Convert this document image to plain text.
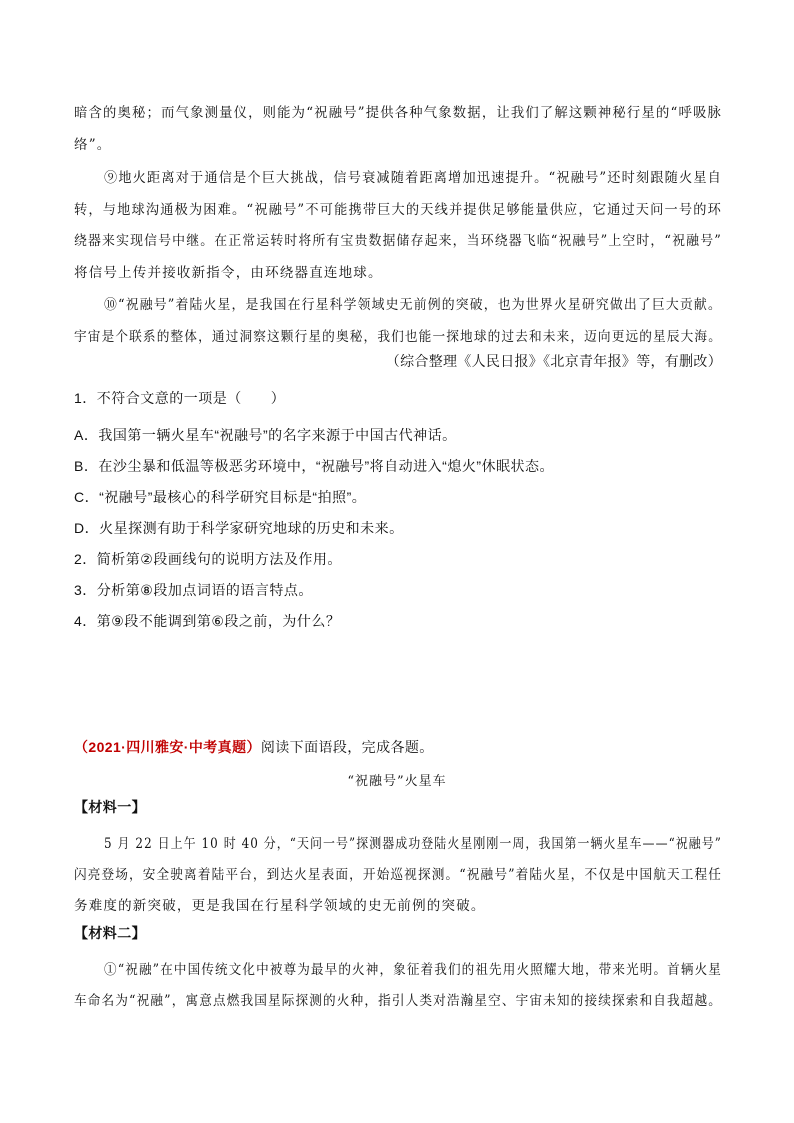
暗含的奥秘；而气象测量仪，则能为“祝融号”提供各种气象数据，让我们了解这颗神秘行星的“呼吸脉
络”。
⑨地火距离对于通信是个巨大挑战，信号衰减随着距离增加迅速提升。“祝融号”还时刻跟随火星自
转，与地球沟通极为困难。“祝融号”不可能携带巨大的天线并提供足够能量供应，它通过天问一号的环
绕器来实现信号中继。在正常运转时将所有宝贵数据储存起来，当环绕器飞临“祝融号”上空时，“祝融号”
将信号上传并接收新指令，由环绕器直连地球。
⑩“祝融号”着陆火星，是我国在行星科学领域史无前例的突破，也为世界火星研究做出了巨大贡献。
宇宙是个联系的整体，通过洞察这颗行星的奥秘，我们也能一探地球的过去和未来，迈向更远的星辰大海。
（综合整理《人民日报》《北京青年报》等，有删改）
1．不符合文意的一项是（　　）
A．我国第一辆火星车“祝融号”的名字来源于中国古代神话。
B．在沙尘暴和低温等极恶劣环境中，“祝融号”将自动进入“熄火”休眠状态。
C．“祝融号”最核心的科学研究目标是“拍照”。
D．火星探测有助于科学家研究地球的历史和未来。
2．简析第②段画线句的说明方法及作用。
3．分析第⑧段加点词语的语言特点。
4．第⑨段不能调到第⑥段之前，为什么？
（2021·四川雅安·中考真题）阅读下面语段，完成各题。
“祝融号”火星车
【材料一】
5 月 22 日上午 10 时 40 分，“天问一号”探测器成功登陆火星刚刚一周，我国第一辆火星车——“祝融号”
闪亮登场，安全驶离着陆平台，到达火星表面，开始巡视探测。“祝融号”着陆火星，不仅是中国航天工程任
务难度的新突破，更是我国在行星科学领域的史无前例的突破。
【材料二】
①“祝融”在中国传统文化中被尊为最早的火神，象征着我们的祖先用火照耀大地，带来光明。首辆火星
车命名为“祝融”，寓意点燃我国星际探测的火种，指引人类对浩瀚星空、宇宙未知的接续探索和自我超越。
